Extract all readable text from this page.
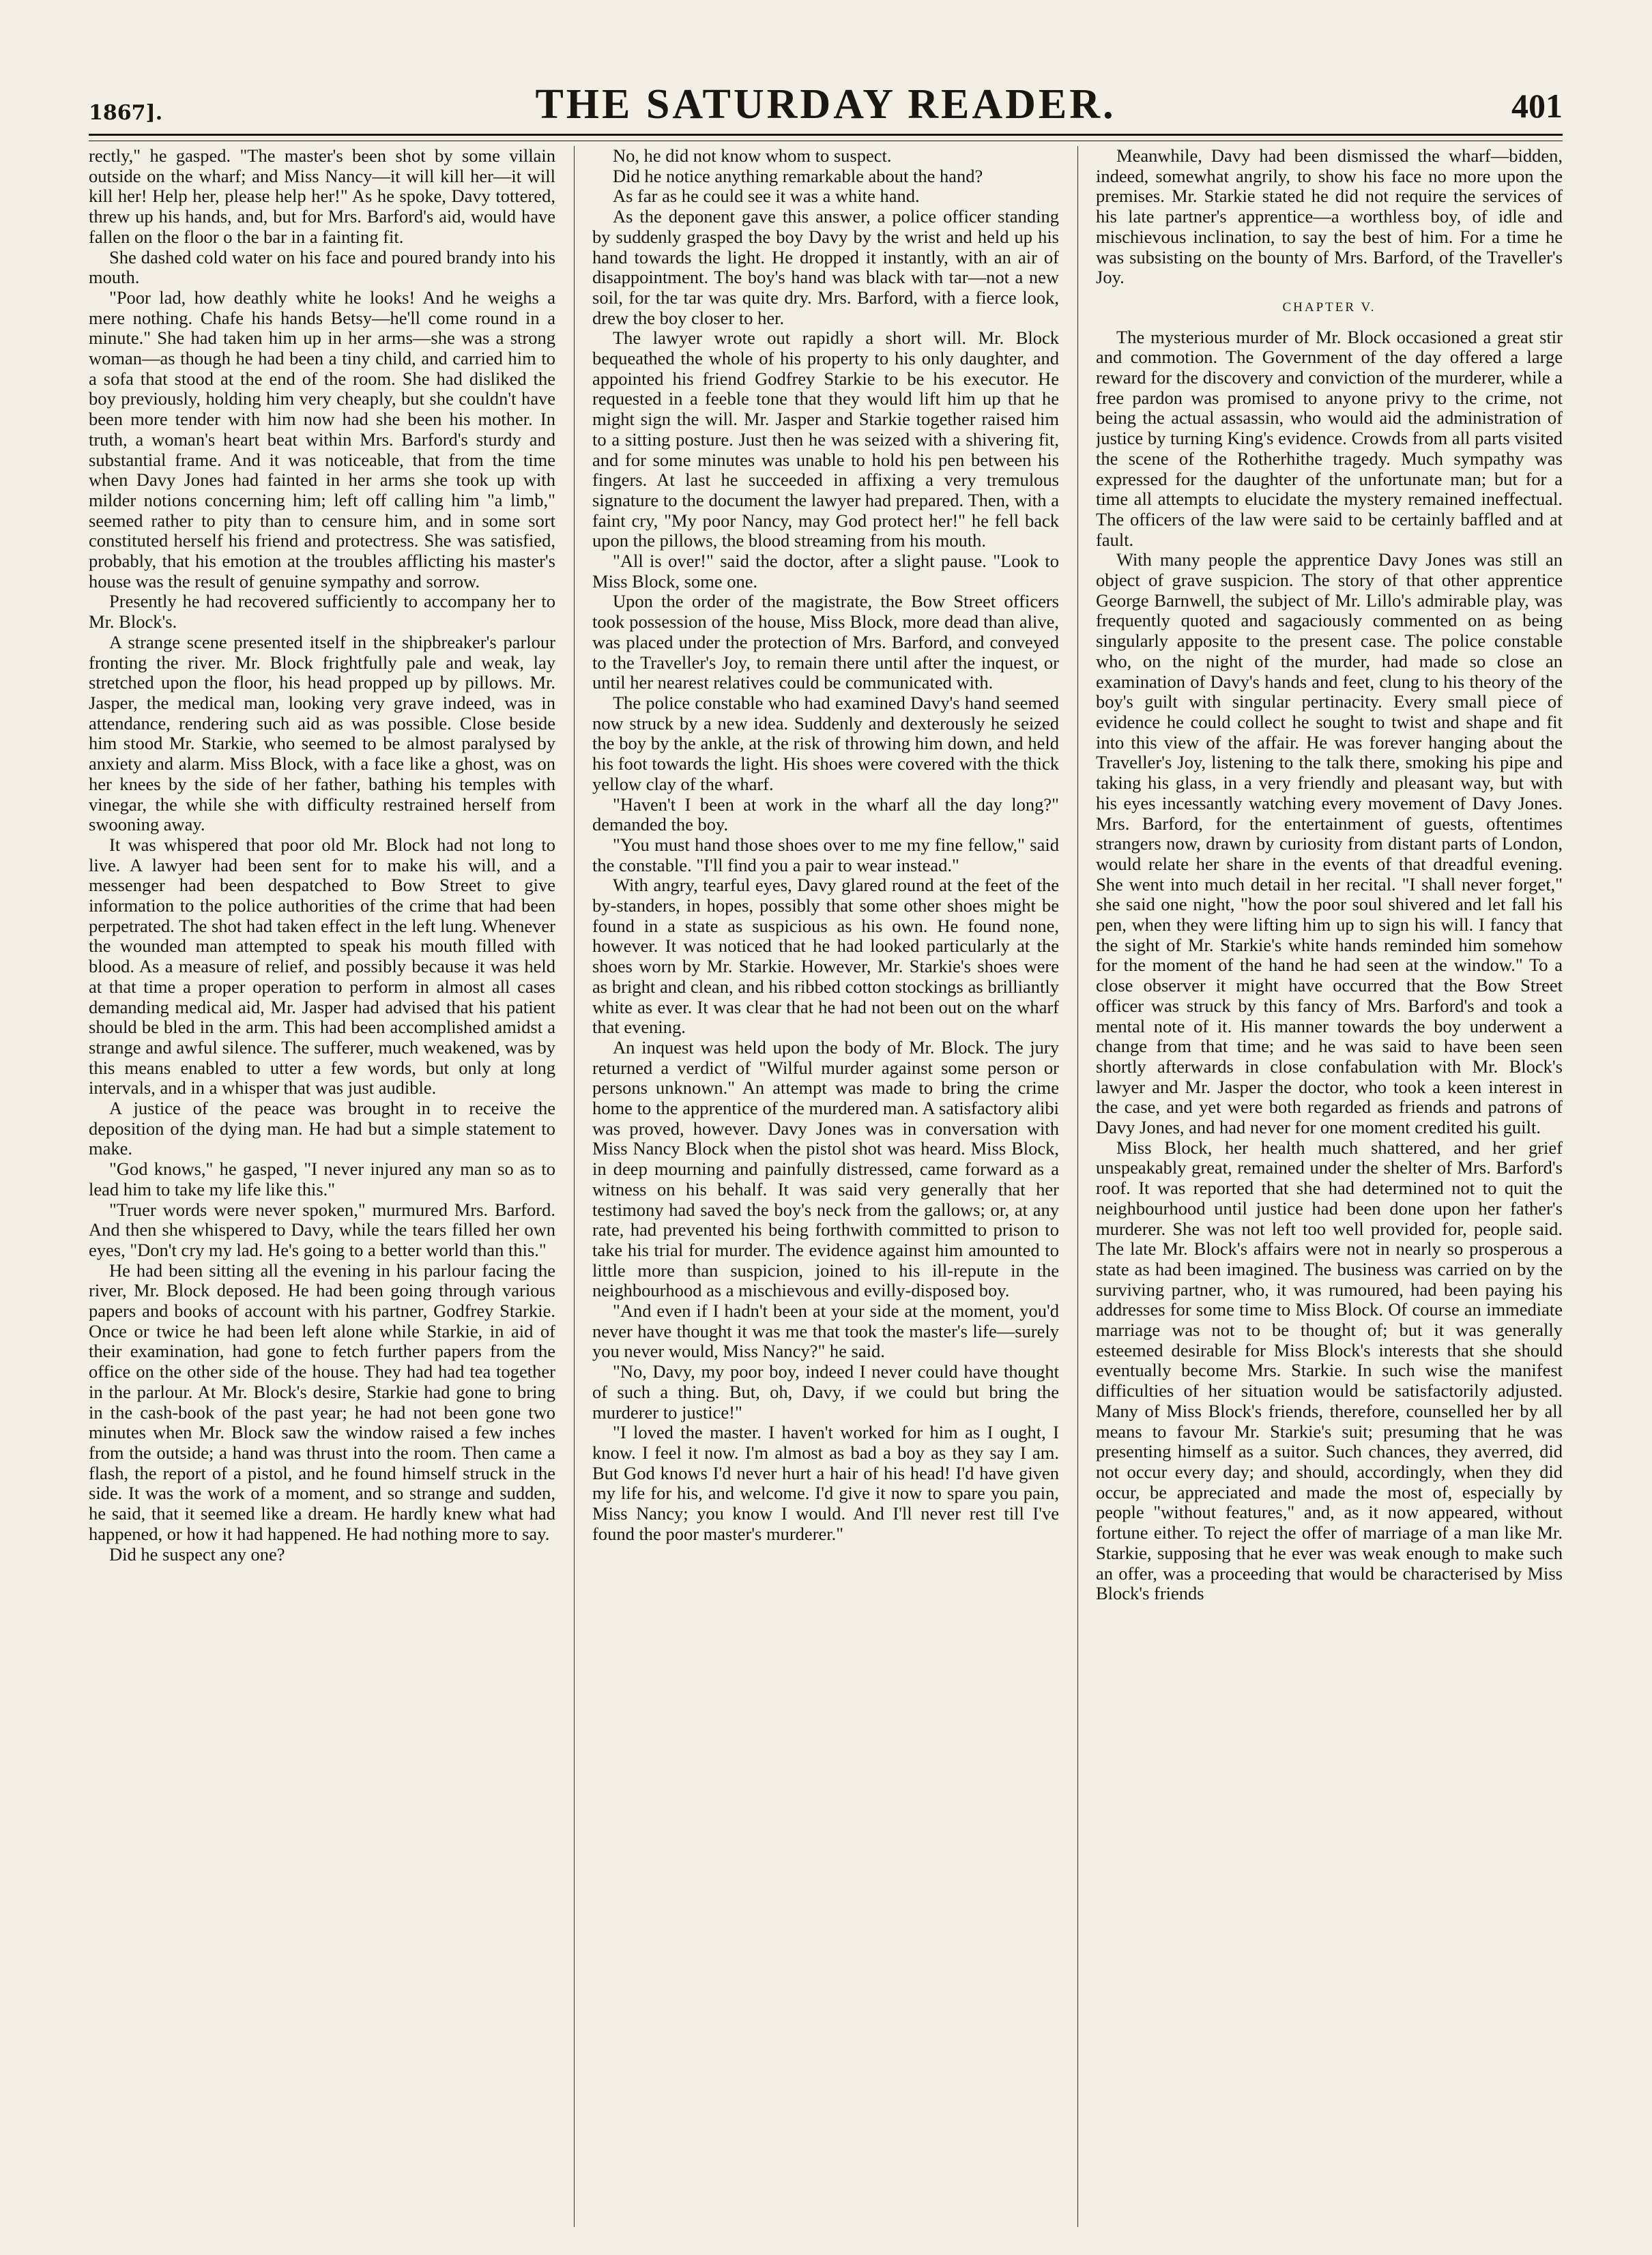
1867].	THE SATURDAY READER.	401

rectly," he gasped. "The master's been shot by some villain outside on the wharf; and Miss Nancy—it will kill her—it will kill her! Help her, please help her!" As he spoke, Davy tottered, threw up his hands, and, but for Mrs. Barford's aid, would have fallen on the floor o the bar in a fainting fit.

She dashed cold water on his face and poured brandy into his mouth.

"Poor lad, how deathly white he looks! And he weighs a mere nothing. Chafe his hands Betsy—he'll come round in a minute." She had taken him up in her arms—she was a strong woman—as though he had been a tiny child, and carried him to a sofa that stood at the end of the room. She had disliked the boy previously, holding him very cheaply, but she couldn't have been more tender with him now had she been his mother. In truth, a woman's heart beat within Mrs. Barford's sturdy and substantial frame. And it was noticeable, that from the time when Davy Jones had fainted in her arms she took up with milder notions concerning him; left off calling him "a limb," seemed rather to pity than to censure him, and in some sort constituted herself his friend and protectress. She was satisfied, probably, that his emotion at the troubles afflicting his master's house was the result of genuine sympathy and sorrow.

Presently he had recovered sufficiently to accompany her to Mr. Block's.

A strange scene presented itself in the shipbreaker's parlour fronting the river. Mr. Block frightfully pale and weak, lay stretched upon the floor, his head propped up by pillows. Mr. Jasper, the medical man, looking very grave indeed, was in attendance, rendering such aid as was possible. Close beside him stood Mr. Starkie, who seemed to be almost paralysed by anxiety and alarm. Miss Block, with a face like a ghost, was on her knees by the side of her father, bathing his temples with vinegar, the while she with difficulty restrained herself from swooning away.

It was whispered that poor old Mr. Block had not long to live. A lawyer had been sent for to make his will, and a messenger had been despatched to Bow Street to give information to the police authorities of the crime that had been perpetrated. The shot had taken effect in the left lung. Whenever the wounded man attempted to speak his mouth filled with blood. As a measure of relief, and possibly because it was held at that time a proper operation to perform in almost all cases demanding medical aid, Mr. Jasper had advised that his patient should be bled in the arm. This had been accomplished amidst a strange and awful silence. The sufferer, much weakened, was by this means enabled to utter a few words, but only at long intervals, and in a whisper that was just audible.

A justice of the peace was brought in to receive the deposition of the dying man. He had but a simple statement to make.

"God knows," he gasped, "I never injured any man so as to lead him to take my life like this."

"Truer words were never spoken," murmured Mrs. Barford. And then she whispered to Davy, while the tears filled her own eyes, "Don't cry my lad. He's going to a better world than this."

He had been sitting all the evening in his parlour facing the river, Mr. Block deposed. He had been going through various papers and books of account with his partner, Godfrey Starkie. Once or twice he had been left alone while Starkie, in aid of their examination, had gone to fetch further papers from the office on the other side of the house. They had had tea together in the parlour. At Mr. Block's desire, Starkie had gone to bring in the cash-book of the past year; he had not been gone two minutes when Mr. Block saw the window raised a few inches from the outside; a hand was thrust into the room. Then came a flash, the report of a pistol, and he found himself struck in the side. It was the work of a moment, and so strange and sudden, he said, that it seemed like a dream. He hardly knew what had happened, or how it had happened. He had nothing more to say.

Did he suspect any one?

No, he did not know whom to suspect.

Did he notice anything remarkable about the hand?

As far as he could see it was a white hand.

As the deponent gave this answer, a police officer standing by suddenly grasped the boy Davy by the wrist and held up his hand towards the light. He dropped it instantly, with an air of disappointment. The boy's hand was black with tar—not a new soil, for the tar was quite dry. Mrs. Barford, with a fierce look, drew the boy closer to her.

The lawyer wrote out rapidly a short will. Mr. Block bequeathed the whole of his property to his only daughter, and appointed his friend Godfrey Starkie to be his executor. He requested in a feeble tone that they would lift him up that he might sign the will. Mr. Jasper and Starkie together raised him to a sitting posture. Just then he was seized with a shivering fit, and for some minutes was unable to hold his pen between his fingers. At last he succeeded in affixing a very tremulous signature to the document the lawyer had prepared. Then, with a faint cry, "My poor Nancy, may God protect her!" he fell back upon the pillows, the blood streaming from his mouth.

"All is over!" said the doctor, after a slight pause. "Look to Miss Block, some one.

Upon the order of the magistrate, the Bow Street officers took possession of the house, Miss Block, more dead than alive, was placed under the protection of Mrs. Barford, and conveyed to the Traveller's Joy, to remain there until after the inquest, or until her nearest relatives could be communicated with.

The police constable who had examined Davy's hand seemed now struck by a new idea. Suddenly and dexterously he seized the boy by the ankle, at the risk of throwing him down, and held his foot towards the light. His shoes were covered with the thick yellow clay of the wharf.

"Haven't I been at work in the wharf all the day long?" demanded the boy.

"You must hand those shoes over to me my fine fellow," said the constable. "I'll find you a pair to wear instead."

With angry, tearful eyes, Davy glared round at the feet of the by-standers, in hopes, possibly that some other shoes might be found in a state as suspicious as his own. He found none, however. It was noticed that he had looked particularly at the shoes worn by Mr. Starkie. However, Mr. Starkie's shoes were as bright and clean, and his ribbed cotton stockings as brilliantly white as ever. It was clear that he had not been out on the wharf that evening.

An inquest was held upon the body of Mr. Block. The jury returned a verdict of "Wilful murder against some person or persons unknown." An attempt was made to bring the crime home to the apprentice of the murdered man. A satisfactory alibi was proved, however. Davy Jones was in conversation with Miss Nancy Block when the pistol shot was heard. Miss Block, in deep mourning and painfully distressed, came forward as a witness on his behalf. It was said very generally that her testimony had saved the boy's neck from the gallows; or, at any rate, had prevented his being forthwith committed to prison to take his trial for murder. The evidence against him amounted to little more than suspicion, joined to his ill-repute in the neighbourhood as a mischievous and evilly-disposed boy.

"And even if I hadn't been at your side at the moment, you'd never have thought it was me that took the master's life—surely you never would, Miss Nancy?" he said.

"No, Davy, my poor boy, indeed I never could have thought of such a thing. But, oh, Davy, if we could but bring the murderer to justice!"

"I loved the master. I haven't worked for him as I ought, I know. I feel it now. I'm almost as bad a boy as they say I am. But God knows I'd never hurt a hair of his head! I'd have given my life for his, and welcome. I'd give it now to spare you pain, Miss Nancy; you know I would. And I'll never rest till I've found the poor master's murderer."

Meanwhile, Davy had been dismissed the wharf—bidden, indeed, somewhat angrily, to show his face no more upon the premises. Mr. Starkie stated he did not require the services of his late partner's apprentice—a worthless boy, of idle and mischievous inclination, to say the best of him. For a time he was subsisting on the bounty of Mrs. Barford, of the Traveller's Joy.

CHAPTER V.

The mysterious murder of Mr. Block occasioned a great stir and commotion. The Government of the day offered a large reward for the discovery and conviction of the murderer, while a free pardon was promised to anyone privy to the crime, not being the actual assassin, who would aid the administration of justice by turning King's evidence. Crowds from all parts visited the scene of the Rotherhithe tragedy. Much sympathy was expressed for the daughter of the unfortunate man; but for a time all attempts to elucidate the mystery remained ineffectual. The officers of the law were said to be certainly baffled and at fault.

With many people the apprentice Davy Jones was still an object of grave suspicion. The story of that other apprentice George Barnwell, the subject of Mr. Lillo's admirable play, was frequently quoted and sagaciously commented on as being singularly apposite to the present case. The police constable who, on the night of the murder, had made so close an examination of Davy's hands and feet, clung to his theory of the boy's guilt with singular pertinacity. Every small piece of evidence he could collect he sought to twist and shape and fit into this view of the affair. He was forever hanging about the Traveller's Joy, listening to the talk there, smoking his pipe and taking his glass, in a very friendly and pleasant way, but with his eyes incessantly watching every movement of Davy Jones. Mrs. Barford, for the entertainment of guests, oftentimes strangers now, drawn by curiosity from distant parts of London, would relate her share in the events of that dreadful evening. She went into much detail in her recital. "I shall never forget," she said one night, "how the poor soul shivered and let fall his pen, when they were lifting him up to sign his will. I fancy that the sight of Mr. Starkie's white hands reminded him somehow for the moment of the hand he had seen at the window." To a close observer it might have occurred that the Bow Street officer was struck by this fancy of Mrs. Barford's and took a mental note of it. His manner towards the boy underwent a change from that time; and he was said to have been seen shortly afterwards in close confabulation with Mr. Block's lawyer and Mr. Jasper the doctor, who took a keen interest in the case, and yet were both regarded as friends and patrons of Davy Jones, and had never for one moment credited his guilt.

Miss Block, her health much shattered, and her grief unspeakably great, remained under the shelter of Mrs. Barford's roof. It was reported that she had determined not to quit the neighbourhood until justice had been done upon her father's murderer. She was not left too well provided for, people said. The late Mr. Block's affairs were not in nearly so prosperous a state as had been imagined. The business was carried on by the surviving partner, who, it was rumoured, had been paying his addresses for some time to Miss Block. Of course an immediate marriage was not to be thought of; but it was generally esteemed desirable for Miss Block's interests that she should eventually become Mrs. Starkie. In such wise the manifest difficulties of her situation would be satisfactorily adjusted. Many of Miss Block's friends, therefore, counselled her by all means to favour Mr. Starkie's suit; presuming that he was presenting himself as a suitor. Such chances, they averred, did not occur every day; and should, accordingly, when they did occur, be appreciated and made the most of, especially by people "without features," and, as it now appeared, without fortune either. To reject the offer of marriage of a man like Mr. Starkie, supposing that he ever was weak enough to make such an offer, was a proceeding that would be characterised by Miss Block's friends
